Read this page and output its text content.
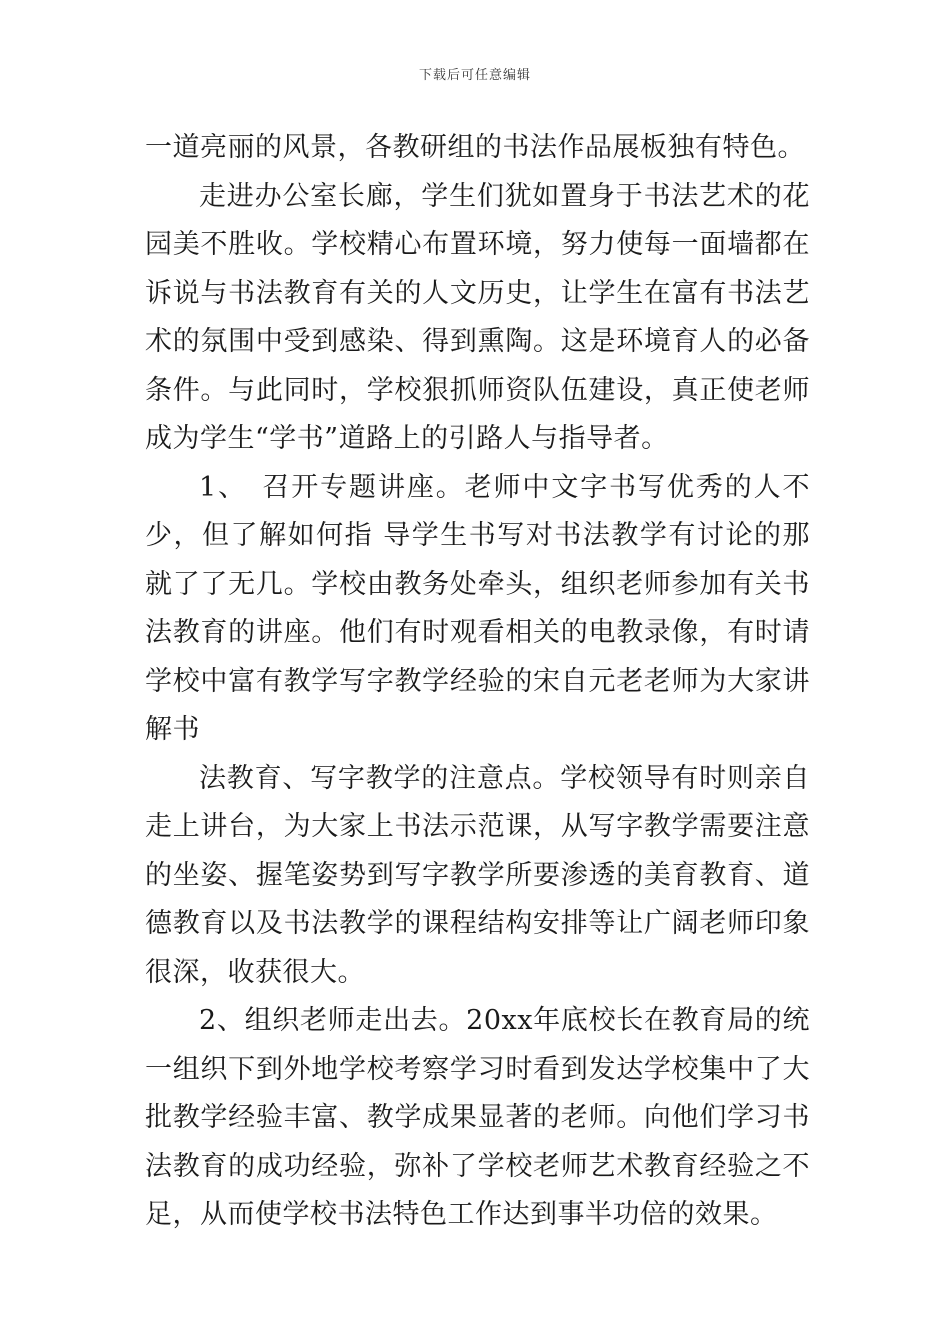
下载后可任意编辑

一道亮丽的风景，各教研组的书法作品展板独有特色。

走进办公室长廊，学生们犹如置身于书法艺术的花园美不胜收。学校精心布置环境，努力使每一面墙都在诉说与书法教育有关的人文历史，让学生在富有书法艺术的氛围中受到感染、得到熏陶。这是环境育人的必备条件。与此同时，学校狠抓师资队伍建设，真正使老师成为学生“学书”道路上的引路人与指导者。

1、　召开专题讲座。老师中文字书写优秀的人不少，但了解如何指 导学生书写对书法教学有讨论的那就了了无几。学校由教务处牵头，组织老师参加有关书法教育的讲座。他们有时观看相关的电教录像，有时请学校中富有教学写字教学经验的宋自元老老师为大家讲解书

法教育、写字教学的注意点。学校领导有时则亲自走上讲台，为大家上书法示范课，从写字教学需要注意的坐姿、握笔姿势到写字教学所要渗透的美育教育、道德教育以及书法教学的课程结构安排等让广阔老师印象很深，收获很大。

2、组织老师走出去。20xx年底校长在教育局的统一组织下到外地学校考察学习时看到发达学校集中了大批教学经验丰富、教学成果显著的老师。向他们学习书法教育的成功经验，弥补了学校老师艺术教育经验之不足，从而使学校书法特色工作达到事半功倍的效果。
